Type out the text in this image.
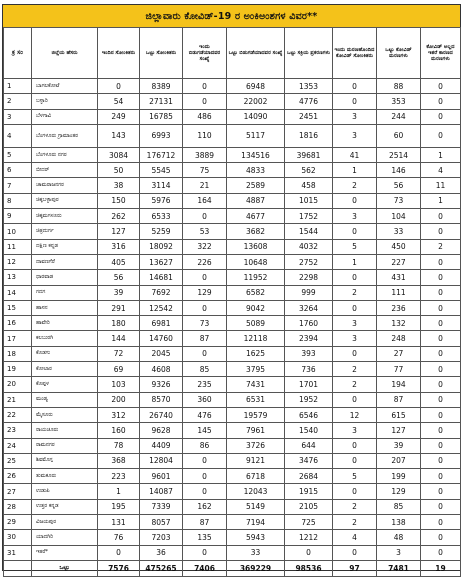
ಜಿಲ್ಲಾವಾರು ಕೋವಿಡ್-19 ರ ಅಂಕಿಅಂಶಗಳ ವಿವರ**
ಕ್ರ ಸಂ	ಜಿಲ್ಲೆಯ ಹೆಸರು	ಇಂದಿನ ಸೋಂಕಿತರು	ಒಟ್ಟು ಸೋಂಕಿತರು	ಇಂದು ಬಿಡುಗಡೆಯಾದವರ ಸಂಖ್ಯೆ	ಒಟ್ಟು ಬಿಡುಗಡೆಯಾದವರ ಸಂಖ್ಯೆ	ಒಟ್ಟು ಸಕ್ರಿಯ ಪ್ರಕರಣಗಳು	ಇಂದು ಮರಣಹೊಂದಿದ ಕೋವಿಡ್ ಸೋಂಕಿತರು	ಒಟ್ಟು ಕೋವಿಡ್ ಮರಣಗಳು	ಕೋವಿಡ್ ಅಲ್ಲದ ಇತರೆ ಕಾರಣದ ಮರಣಗಳು
1	ಬಾಗಲಕೋಟೆ	0	8389	0	6948	1353	0	88	0
2	ಬಳ್ಳಾರಿ	54	27131	0	22002	4776	0	353	0
3	ಬೆಳಗಾವಿ	249	16785	486	14090	2451	3	244	0
4	ಬೆಂಗಳೂರು ಗ್ರಾಮಾಂತರ	143	6993	110	5117	1816	3	60	0
5	ಬೆಂಗಳೂರು ನಗರ	3084	176712	3889	134516	39681	41	2514	1
6	ಬೀದರ್	50	5545	75	4833	562	1	146	4
7	ಚಾಮರಾಜನಗರ	38	3114	21	2589	458	2	56	11
8	ಚಿಕ್ಕಬಳ್ಳಾಪುರ	150	5976	164	4887	1015	0	73	1
9	ಚಿಕ್ಕಮಗಳೂರು	262	6533	0	4677	1752	3	104	0
10	ಚಿತ್ರದುರ್ಗ	127	5259	53	3682	1544	0	33	0
11	ದಕ್ಷಿಣ ಕನ್ನಡ	316	18092	322	13608	4032	5	450	2
12	ದಾವಣಗೆರೆ	405	13627	226	10648	2752	1	227	0
13	ಧಾರವಾಡ	56	14681	0	11952	2298	0	431	0
14	ಗದಗ	39	7692	129	6582	999	2	111	0
15	ಹಾಸನ	291	12542	0	9042	3264	0	236	0
16	ಹಾವೇರಿ	180	6981	73	5089	1760	3	132	0
17	ಕಲಬುರಗಿ	144	14760	87	12118	2394	3	248	0
18	ಕೊಡಗು	72	2045	0	1625	393	0	27	0
19	ಕೋಲಾರ	69	4608	85	3795	736	2	77	0
20	ಕೊಪ್ಪಳ	103	9326	235	7431	1701	2	194	0
21	ಮಂಡ್ಯ	200	8570	360	6531	1952	0	87	0
22	ಮೈಸೂರು	312	26740	476	19579	6546	12	615	0
23	ರಾಯಚೂರು	160	9628	145	7961	1540	3	127	0
24	ರಾಮನಗರ	78	4409	86	3726	644	0	39	0
25	ಶಿವಮೊಗ್ಗ	368	12804	0	9121	3476	0	207	0
26	ತುಮಕೂರು	223	9601	0	6718	2684	5	199	0
27	ಉಡುಪಿ	1	14087	0	12043	1915	0	129	0
28	ಉತ್ತರ ಕನ್ನಡ	195	7339	162	5149	2105	2	85	0
29	ವಿಜಯಪುರ	131	8057	87	7194	725	2	138	0
30	ಯಾದಗಿರಿ	76	7203	135	5943	1212	4	48	0
31	ಇತರೆ*	0	36	0	33	0	0	3	0
	ಒಟ್ಟು	7576	475265	7406	369229	98536	97	7481	19
